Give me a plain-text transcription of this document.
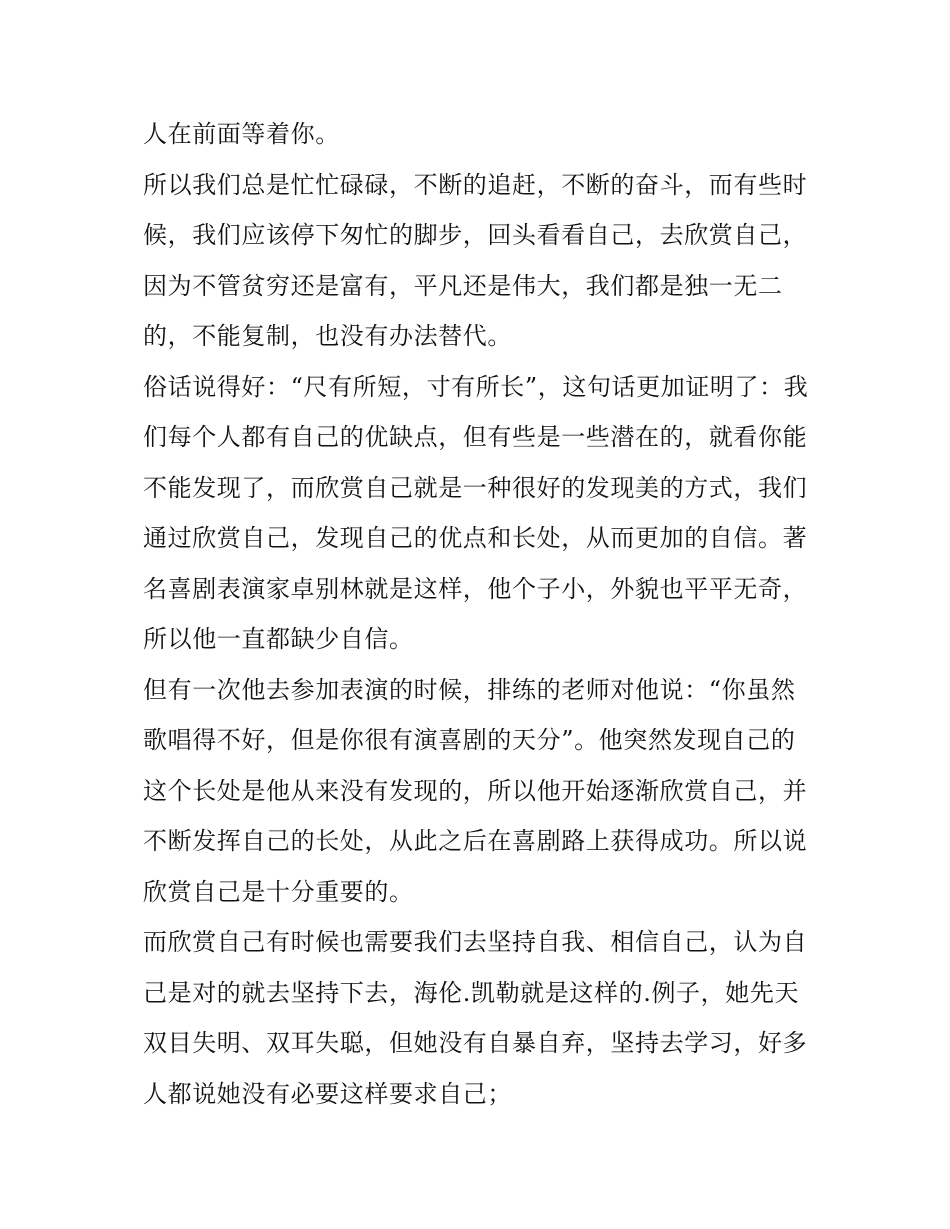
人在前面等着你。
所以我们总是忙忙碌碌，不断的追赶，不断的奋斗，而有些时
候，我们应该停下匆忙的脚步，回头看看自己，去欣赏自己，
因为不管贫穷还是富有，平凡还是伟大，我们都是独一无二
的，不能复制，也没有办法替代。
俗话说得好：“尺有所短，寸有所长”，这句话更加证明了：我
们每个人都有自己的优缺点，但有些是一些潜在的，就看你能
不能发现了，而欣赏自己就是一种很好的发现美的方式，我们
通过欣赏自己，发现自己的优点和长处，从而更加的自信。著
名喜剧表演家卓别林就是这样，他个子小，外貌也平平无奇，
所以他一直都缺少自信。
但有一次他去参加表演的时候，排练的老师对他说：“你虽然
歌唱得不好，但是你很有演喜剧的天分”。他突然发现自己的
这个长处是他从来没有发现的，所以他开始逐渐欣赏自己，并
不断发挥自己的长处，从此之后在喜剧路上获得成功。所以说
欣赏自己是十分重要的。
而欣赏自己有时候也需要我们去坚持自我、相信自己，认为自
己是对的就去坚持下去，海伦.凯勒就是这样的.例子，她先天
双目失明、双耳失聪，但她没有自暴自弃，坚持去学习，好多
人都说她没有必要这样要求自己；
